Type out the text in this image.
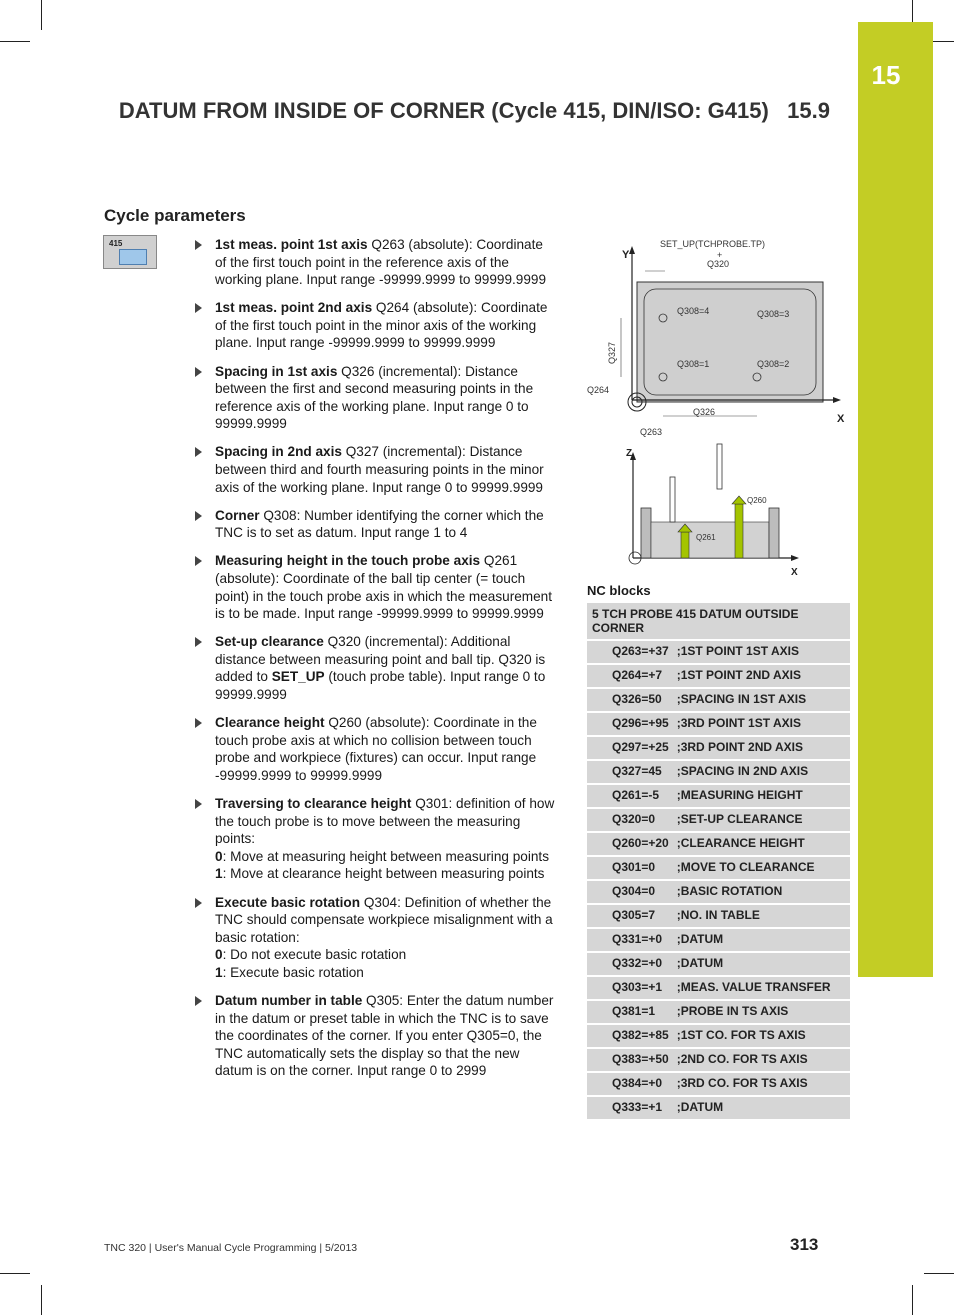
15
DATUM FROM INSIDE OF CORNER (Cycle 415, DIN/ISO: G415) 15.9
Cycle parameters
415	1st meas. point 1st axis Q263 (absolute): Coordinate of the first touch point in the reference axis of the working plane. Input range -99999.9999 to 99999.9999
1st meas. point 2nd axis Q264 (absolute): Coordinate of the first touch point in the minor axis of the working plane. Input range -99999.9999 to 99999.9999
Spacing in 1st axis Q326 (incremental): Distance between the first and second measuring points in the reference axis of the working plane. Input range 0 to 99999.9999
Spacing in 2nd axis Q327 (incremental): Distance between third and fourth measuring points in the minor axis of the working plane. Input range 0 to 99999.9999
Corner Q308: Number identifying the corner which the TNC is to set as datum. Input range 1 to 4
Measuring height in the touch probe axis Q261 (absolute): Coordinate of the ball tip center (= touch point) in the touch probe axis in which the measurement is to be made. Input range -99999.9999 to 99999.9999
Set-up clearance Q320 (incremental): Additional distance between measuring point and ball tip. Q320 is added to SET_UP (touch probe table). Input range 0 to 99999.9999
Clearance height Q260 (absolute): Coordinate in the touch probe axis at which no collision between touch probe and workpiece (fixtures) can occur. Input range -99999.9999 to 99999.9999
Traversing to clearance height Q301: definition of how the touch probe is to move between the measuring points:
0: Move at measuring height between measuring points
1: Move at clearance height between measuring points
Execute basic rotation Q304: Definition of whether the TNC should compensate workpiece misalignment with a basic rotation:
0: Do not execute basic rotation
1: Execute basic rotation
Datum number in table Q305: Enter the datum number in the datum or preset table in which the TNC is to save the coordinates of the corner. If you enter Q305=0, the TNC automatically sets the display so that the new datum is on the corner. Input range 0 to 2999
Y
X
SET_UP(TCHPROBE.TP)
+
Q320
Q308=4	Q308=3
Q308=1	Q308=2
Q327
Q264
Q326
Q263
Z
X
Q261
Q260
NC blocks
5 TCH PROBE 415 DATUM OUTSIDE CORNER	
Q263=+37	;1ST POINT 1ST AXIS
Q264=+7	;1ST POINT 2ND AXIS
Q326=50	;SPACING IN 1ST AXIS
Q296=+95	;3RD POINT 1ST AXIS
Q297=+25	;3RD POINT 2ND AXIS
Q327=45	;SPACING IN 2ND AXIS
Q261=-5	;MEASURING HEIGHT
Q320=0	;SET-UP CLEARANCE
Q260=+20	;CLEARANCE HEIGHT
Q301=0	;MOVE TO CLEARANCE
Q304=0	;BASIC ROTATION
Q305=7	;NO. IN TABLE
Q331=+0	;DATUM
Q332=+0	;DATUM
Q303=+1	;MEAS. VALUE TRANSFER
Q381=1	;PROBE IN TS AXIS
Q382=+85	;1ST CO. FOR TS AXIS
Q383=+50	;2ND CO. FOR TS AXIS
Q384=+0	;3RD CO. FOR TS AXIS
Q333=+1	;DATUM
TNC 320 | User's Manual Cycle Programming | 5/2013	313
